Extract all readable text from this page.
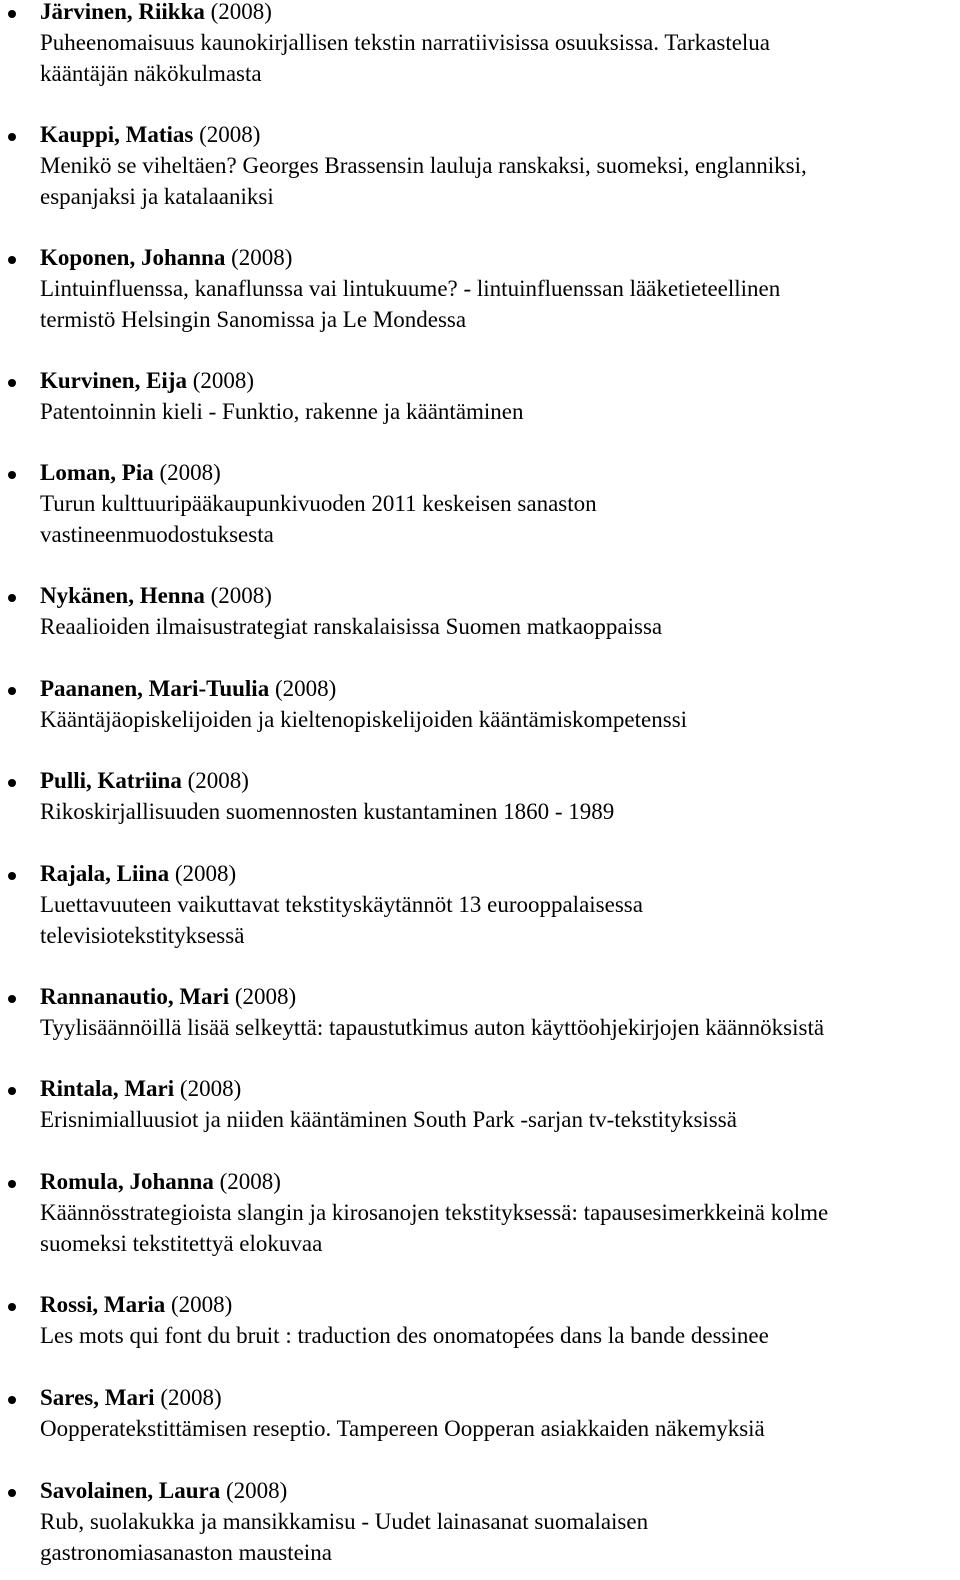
Järvinen, Riikka (2008)
Puheenomaisuus kaunokirjallisen tekstin narratiivisissa osuuksissa. Tarkastelua
kääntäjän näkökulmasta
Kauppi, Matias (2008)
Menikö se viheltäen? Georges Brassensin lauluja ranskaksi, suomeksi, englanniksi,
espanjaksi ja katalaaniksi
Koponen, Johanna (2008)
Lintuinfluenssa, kanaflunssa vai lintukuume? - lintuinfluenssan lääketieteellinen
termistö Helsingin Sanomissa ja Le Mondessa
Kurvinen, Eija (2008)
Patentoinnin kieli - Funktio, rakenne ja kääntäminen
Loman, Pia (2008)
Turun kulttuuripääkaupunkivuoden 2011 keskeisen sanaston
vastineenmuodostuksesta
Nykänen, Henna (2008)
Reaalioiden ilmaisustrategiat ranskalaisissa Suomen matkaoppaissa
Paananen, Mari-Tuulia (2008)
Kääntäjäopiskelijoiden ja kieltenopiskelijoiden kääntämiskompetenssi
Pulli, Katriina (2008)
Rikoskirjallisuuden suomennosten kustantaminen 1860 - 1989
Rajala, Liina (2008)
Luettavuuteen vaikuttavat tekstityskäytännöt 13 eurooppalaisessa
televisiotekstityksessä
Rannanautio, Mari (2008)
Tyylisäännöillä lisää selkeyttä: tapaustutkimus auton käyttöohjekirjojen käännöksistä
Rintala, Mari (2008)
Erisnimialluusiot ja niiden kääntäminen South Park -sarjan tv-tekstityksissä
Romula, Johanna (2008)
Käännösstrategioista slangin ja kirosanojen tekstityksessä: tapausesimerkkeinä kolme
suomeksi tekstitettyä elokuvaa
Rossi, Maria (2008)
Les mots qui font du bruit : traduction des onomatopées dans la bande dessinee
Sares, Mari (2008)
Oopperatekstittämisen reseptio. Tampereen Oopperan asiakkaiden näkemyksiä
Savolainen, Laura (2008)
Rub, suolakukka ja mansikkamisu - Uudet lainasanat suomalaisen
gastronomiasanaston mausteina
